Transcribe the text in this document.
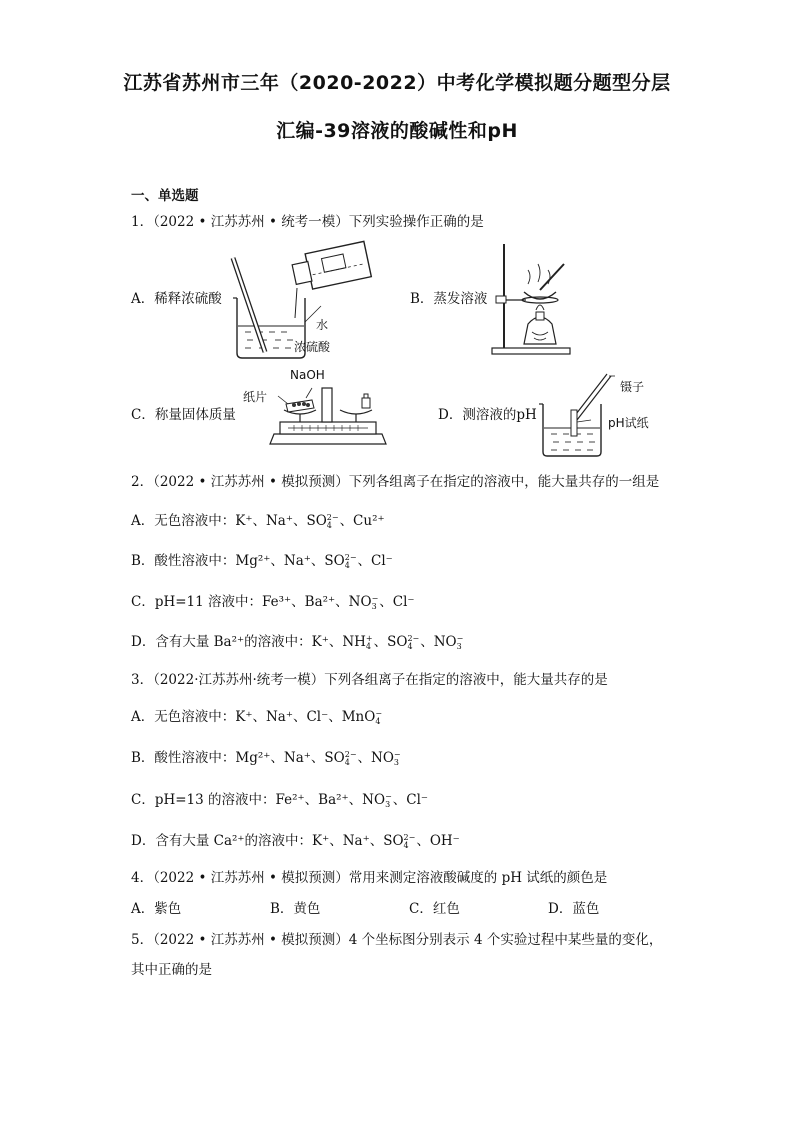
江苏省苏州市三年（2020-2022）中考化学模拟题分题型分层
汇编-39溶液的酸碱性和pH
一、单选题
1．（2022 • 江苏苏州 • 统考一模）下列实验操作正确的是
A．稀释浓硫酸
水
浓硫酸
B．蒸发溶液
C．称量固体质量
NaOH
纸片
D．测溶液的pH
镊子
pH试纸
2．（2022 • 江苏苏州 • 模拟预测）下列各组离子在指定的溶液中，能大量共存的一组是
A．无色溶液中：K⁺、Na⁺、SO 2−
4 、Cu²⁺
B．酸性溶液中：Mg²⁺、Na⁺、SO 2−
4 、Cl⁻
C．pH=11 溶液中：Fe³⁺、Ba²⁺、NO −
3 、Cl⁻
D．含有大量 Ba²⁺的溶液中：K⁺、NH +
4 、SO 2−
4 、NO −
3
3．（2022·江苏苏州·统考一模）下列各组离子在指定的溶液中，能大量共存的是
A．无色溶液中：K⁺、Na⁺、Cl⁻、MnO −
4
B．酸性溶液中：Mg²⁺、Na⁺、SO 2−
4 、NO −
3
C．pH=13 的溶液中：Fe²⁺、Ba²⁺、NO −
3 、Cl⁻
D．含有大量 Ca²⁺的溶液中：K⁺、Na⁺、SO 2−
4 、OH⁻
4．（2022 • 江苏苏州 • 模拟预测）常用来测定溶液酸碱度的 pH 试纸的颜色是
A．紫色	B．黄色	C．红色	D．蓝色
5．（2022 • 江苏苏州 • 模拟预测）4 个坐标图分别表示 4 个实验过程中某些量的变化，
其中正确的是
